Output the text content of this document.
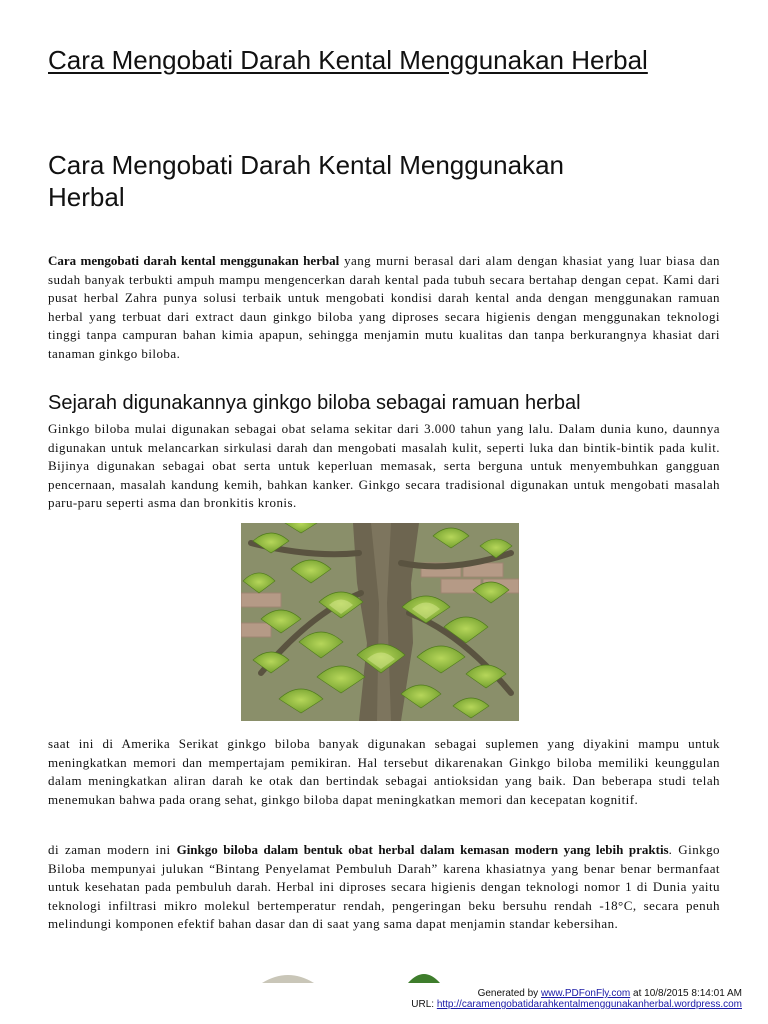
Cara Mengobati Darah Kental Menggunakan Herbal
Cara Mengobati Darah Kental Menggunakan Herbal
Cara mengobati darah kental menggunakan herbal yang murni berasal dari alam dengan khasiat yang luar biasa dan sudah banyak terbukti ampuh mampu mengencerkan darah kental pada tubuh secara bertahap dengan cepat. Kami dari pusat herbal Zahra punya solusi terbaik untuk mengobati kondisi darah kental anda dengan menggunakan ramuan herbal yang terbuat dari extract daun ginkgo biloba yang diproses secara higienis dengan menggunakan teknologi tinggi tanpa campuran bahan kimia apapun, sehingga menjamin mutu kualitas dan tanpa berkurangnya khasiat dari tanaman ginkgo biloba.
Sejarah digunakannya ginkgo biloba sebagai ramuan herbal
Ginkgo biloba mulai digunakan sebagai obat selama sekitar dari 3.000 tahun yang lalu. Dalam dunia kuno, daunnya digunakan untuk melancarkan sirkulasi darah dan mengobati masalah kulit, seperti luka dan bintik-bintik pada kulit. Bijinya digunakan sebagai obat serta untuk keperluan memasak, serta berguna untuk menyembuhkan gangguan pencernaan, masalah kandung kemih, bahkan kanker. Ginkgo secara tradisional digunakan untuk mengobati masalah paru-paru seperti asma dan bronkitis kronis.
saat ini di Amerika Serikat ginkgo biloba banyak digunakan sebagai suplemen yang diyakini mampu untuk meningkatkan memori dan mempertajam pemikiran. Hal tersebut dikarenakan Ginkgo biloba memiliki keunggulan dalam meningkatkan aliran darah ke otak dan bertindak sebagai antioksidan yang baik. Dan beberapa studi telah menemukan bahwa pada orang sehat, ginkgo biloba dapat meningkatkan memori dan kecepatan kognitif.
di zaman modern ini Ginkgo biloba dalam bentuk obat herbal dalam kemasan modern yang lebih praktis. Ginkgo Biloba mempunyai julukan “Bintang Penyelamat Pembuluh Darah” karena khasiatnya yang benar benar bermanfaat untuk kesehatan pada pembuluh darah. Herbal ini diproses secara higienis dengan teknologi nomor 1 di Dunia yaitu teknologi infiltrasi mikro molekul bertemperatur rendah, pengeringan beku bersuhu rendah -18°C, secara penuh melindungi komponen efektif bahan dasar dan di saat yang sama dapat menjamin standar kebersihan.
Generated by www.PDFonFly.com at 10/8/2015 8:14:01 AM
URL: http://caramengobatidarahkentalmenggunakanherbal.wordpress.com
